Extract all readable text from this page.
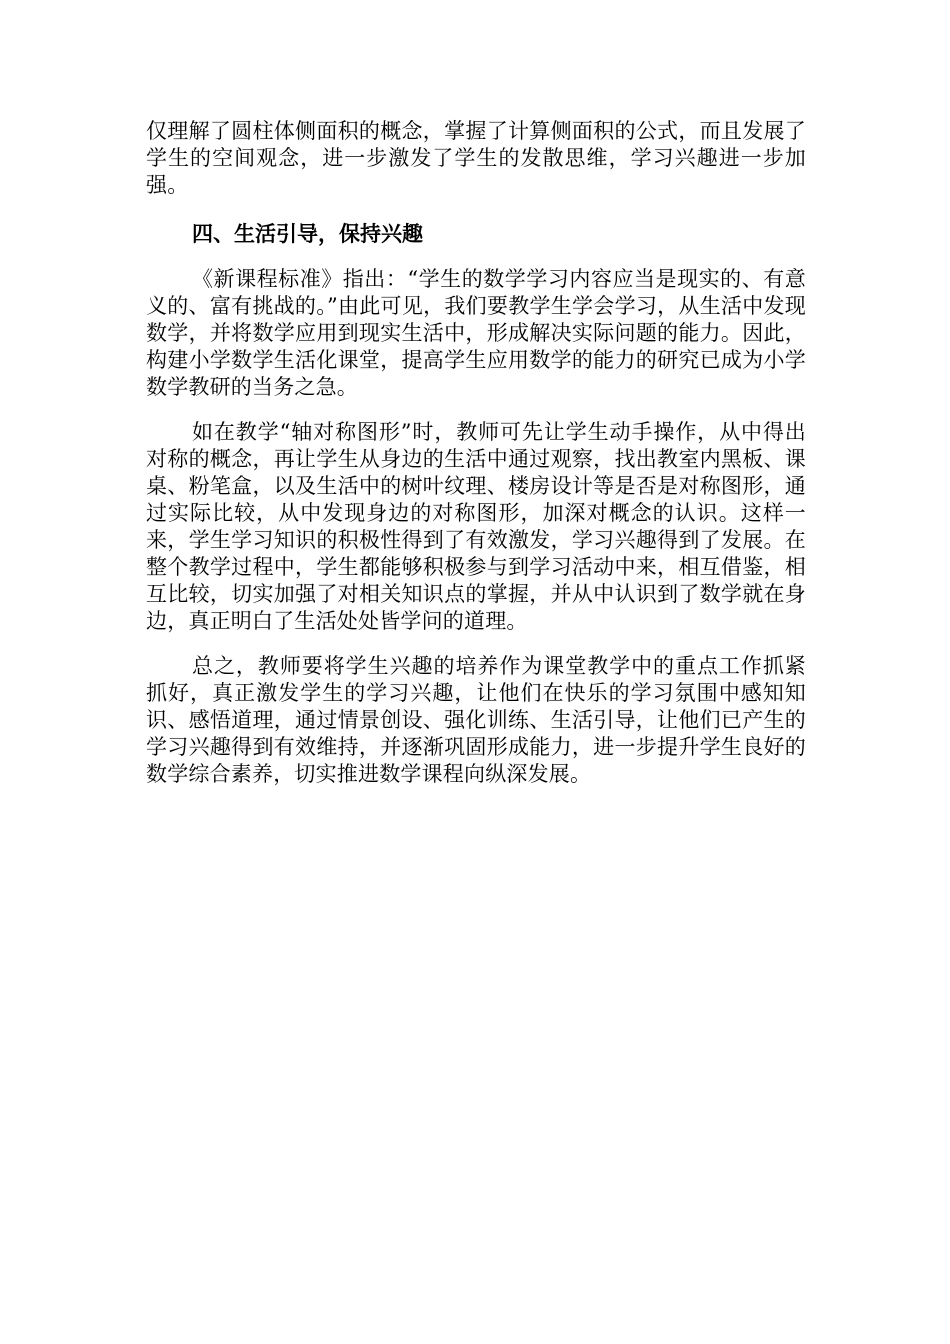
仅理解了圆柱体侧面积的概念，掌握了计算侧面积的公式，而且发展了学生的空间观念，进一步激发了学生的发散思维，学习兴趣进一步加强。

四、生活引导，保持兴趣

《新课程标准》指出：“学生的数学学习内容应当是现实的、有意义的、富有挑战的。”由此可见，我们要教学生学会学习，从生活中发现数学，并将数学应用到现实生活中，形成解决实际问题的能力。因此，构建小学数学生活化课堂，提高学生应用数学的能力的研究已成为小学数学教研的当务之急。

如在教学“轴对称图形”时，教师可先让学生动手操作，从中得出对称的概念，再让学生从身边的生活中通过观察，找出教室内黑板、课桌、粉笔盒，以及生活中的树叶纹理、楼房设计等是否是对称图形，通过实际比较，从中发现身边的对称图形，加深对概念的认识。这样一来，学生学习知识的积极性得到了有效激发，学习兴趣得到了发展。在整个教学过程中，学生都能够积极参与到学习活动中来，相互借鉴，相互比较，切实加强了对相关知识点的掌握，并从中认识到了数学就在身边，真正明白了生活处处皆学问的道理。

总之，教师要将学生兴趣的培养作为课堂教学中的重点工作抓紧抓好，真正激发学生的学习兴趣，让他们在快乐的学习氛围中感知知识、感悟道理，通过情景创设、强化训练、生活引导，让他们已产生的学习兴趣得到有效维持，并逐渐巩固形成能力，进一步提升学生良好的数学综合素养，切实推进数学课程向纵深发展。
